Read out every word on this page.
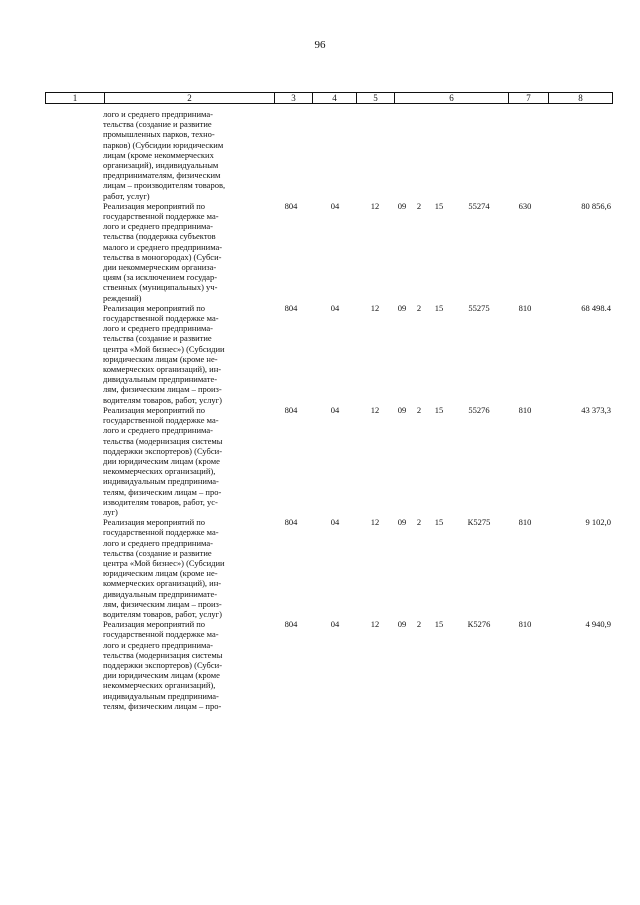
96
1	2	3	4	5	6	7	8
лого и среднего предпринима-
тельства (создание и развитие
промышленных парков, техно-
парков) (Субсидии юридическим
лицам (кроме некоммерческих
организаций), индивидуальным
предпринимателям, физическим
лицам – производителям товаров,
работ, услуг)
Реализация мероприятий по
государственной поддержке ма-
лого и среднего предпринима-
тельства (поддержка субъектов
малого и среднего предпринима-
тельства в моногородах) (Субси-
дии некоммерческим организа-
циям (за исключением государ-
ственных (муниципальных) уч-
реждений)
804	04	12	09 2 15	55274	630	80 856,6
Реализация мероприятий по
государственной поддержке ма-
лого и среднего предпринима-
тельства (создание и развитие
центра «Мой бизнес») (Субсидии
юридическим лицам (кроме не-
коммерческих организаций), ин-
дивидуальным предпринимате-
лям, физическим лицам – произ-
водителям товаров, работ, услуг)
804	04	12	09 2 15	55275	810	68 498.4
Реализация мероприятий по
государственной поддержке ма-
лого и среднего предпринима-
тельства (модернизация системы
поддержки экспортеров) (Субси-
дии юридическим лицам (кроме
некоммерческих организаций),
индивидуальным предпринима-
телям, физическим лицам – про-
изводителям товаров, работ, ус-
луг)
804	04	12	09 2 15	55276	810	43 373,3
Реализация мероприятий по
государственной поддержке ма-
лого и среднего предпринима-
тельства (создание и развитие
центра «Мой бизнес») (Субсидии
юридическим лицам (кроме не-
коммерческих организаций), ин-
дивидуальным предпринимате-
лям, физическим лицам – произ-
водителям товаров, работ, услуг)
804	04	12	09 2 15	К5275	810	9 102,0
Реализация мероприятий по
государственной поддержке ма-
лого и среднего предпринима-
тельства (модернизация системы
поддержки экспортеров) (Субси-
дии юридическим лицам (кроме
некоммерческих организаций),
индивидуальным предпринима-
телям, физическим лицам – про-
804	04	12	09 2 15	К5276	810	4 940,9
